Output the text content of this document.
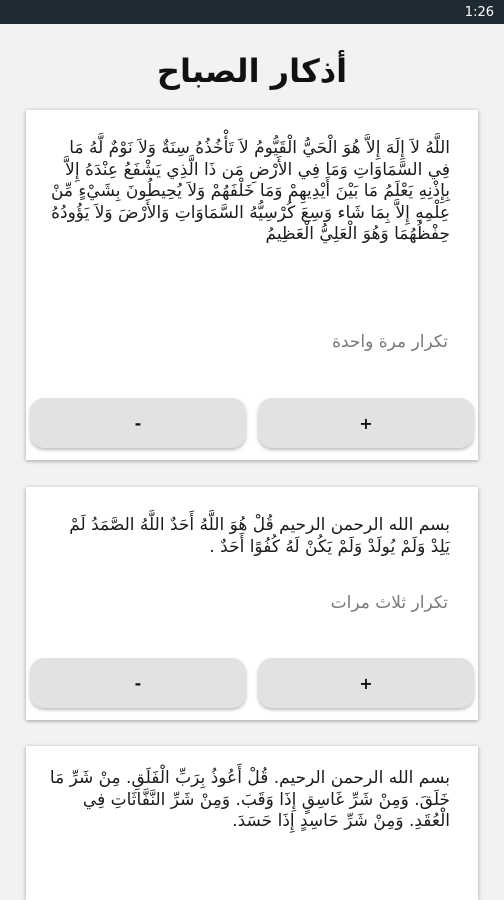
1:26
أذكار الصباح
اللَّهُ لاَ إِلَهَ إِلاَّ هُوَ الْحَيُّ الْقَيُّومُ لاَ تَأْخُذُهُ سِنَةٌ وَلاَ نَوْمٌ لَّهُ مَا فِي السَّمَاوَاتِ وَمَا فِي الأَرْضِ مَن ذَا الَّذِي يَشْفَعُ عِنْدَهُ إِلاَّ بِإِذْنِهِ يَعْلَمُ مَا بَيْنَ أَيْدِيهِمْ وَمَا خَلْفَهُمْ وَلاَ يُحِيطُونَ بِشَيْءٍ مِّنْ عِلْمِهِ إِلاَّ بِمَا شَاء وَسِعَ كُرْسِيُّهُ السَّمَاوَاتِ وَالأَرْضَ وَلاَ يَؤُودُهُ حِفْظُهُمَا وَهُوَ الْعَلِيُّ الْعَظِيمُ
تكرار مرة واحدة
-	+
بسم الله الرحمن الرحيم قُلْ هُوَ اللَّهُ أَحَدٌ اللَّهُ الصَّمَدُ لَمْ يَلِدْ وَلَمْ يُولَدْ وَلَمْ يَكُنْ لَهُ كُفُوًا أَحَدٌ .
تكرار ثلاث مرات
-	+
بسم الله الرحمن الرحيم. قُلْ أَعُوذُ بِرَبِّ الْفَلَقِ. مِنْ شَرِّ مَا خَلَقَ. وَمِنْ شَرِّ غَاسِقٍ إِذَا وَقَبَ. وَمِنْ شَرِّ النَّفَّاثَاتِ فِي الْعُقَدِ. وَمِنْ شَرِّ حَاسِدٍ إِذَا حَسَدَ.
